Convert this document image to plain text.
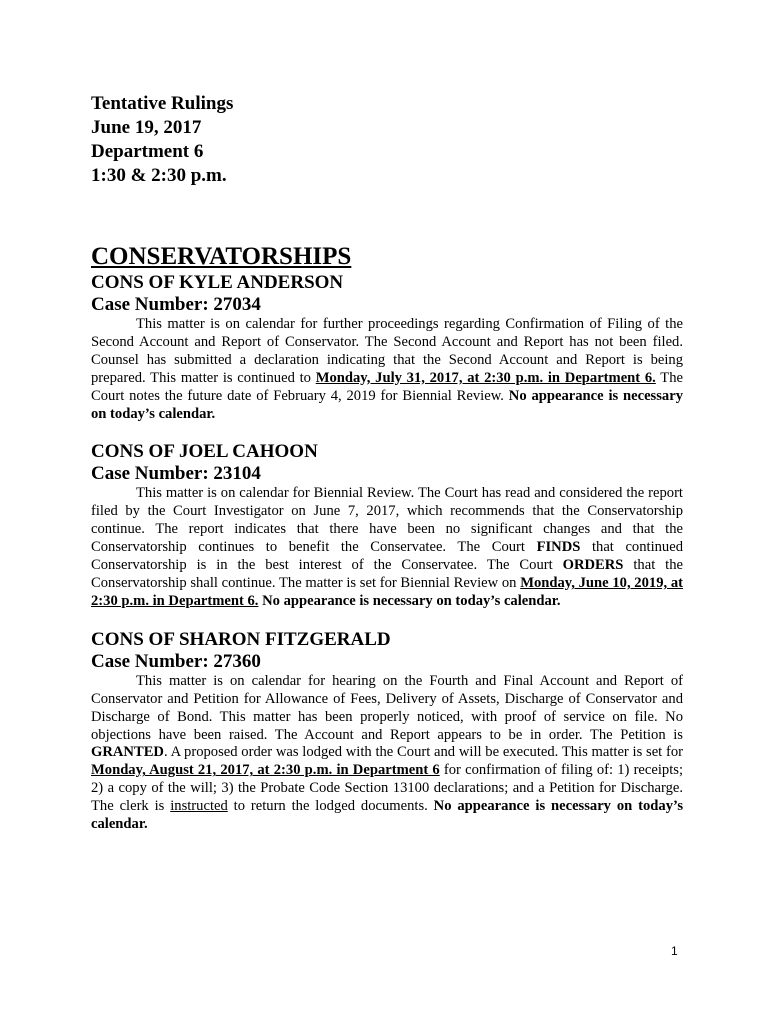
Tentative Rulings
June 19, 2017
Department 6
1:30 & 2:30 p.m.
CONSERVATORSHIPS
CONS OF KYLE ANDERSON
Case Number: 27034

This matter is on calendar for further proceedings regarding Confirmation of Filing of the Second Account and Report of Conservator. The Second Account and Report has not been filed. Counsel has submitted a declaration indicating that the Second Account and Report is being prepared. This matter is continued to Monday, July 31, 2017, at 2:30 p.m. in Department 6. The Court notes the future date of February 4, 2019 for Biennial Review. No appearance is necessary on today’s calendar.

CONS OF JOEL CAHOON
Case Number: 23104

This matter is on calendar for Biennial Review. The Court has read and considered the report filed by the Court Investigator on June 7, 2017, which recommends that the Conservatorship continue. The report indicates that there have been no significant changes and that the Conservatorship continues to benefit the Conservatee. The Court FINDS that continued Conservatorship is in the best interest of the Conservatee. The Court ORDERS that the Conservatorship shall continue. The matter is set for Biennial Review on Monday, June 10, 2019, at 2:30 p.m. in Department 6. No appearance is necessary on today’s calendar.

CONS OF SHARON FITZGERALD
Case Number: 27360

This matter is on calendar for hearing on the Fourth and Final Account and Report of Conservator and Petition for Allowance of Fees, Delivery of Assets, Discharge of Conservator and Discharge of Bond. This matter has been properly noticed, with proof of service on file. No objections have been raised. The Account and Report appears to be in order. The Petition is GRANTED. A proposed order was lodged with the Court and will be executed. This matter is set for Monday, August 21, 2017, at 2:30 p.m. in Department 6 for confirmation of filing of: 1) receipts; 2) a copy of the will; 3) the Probate Code Section 13100 declarations; and a Petition for Discharge. The clerk is instructed to return the lodged documents. No appearance is necessary on today’s calendar.

1
